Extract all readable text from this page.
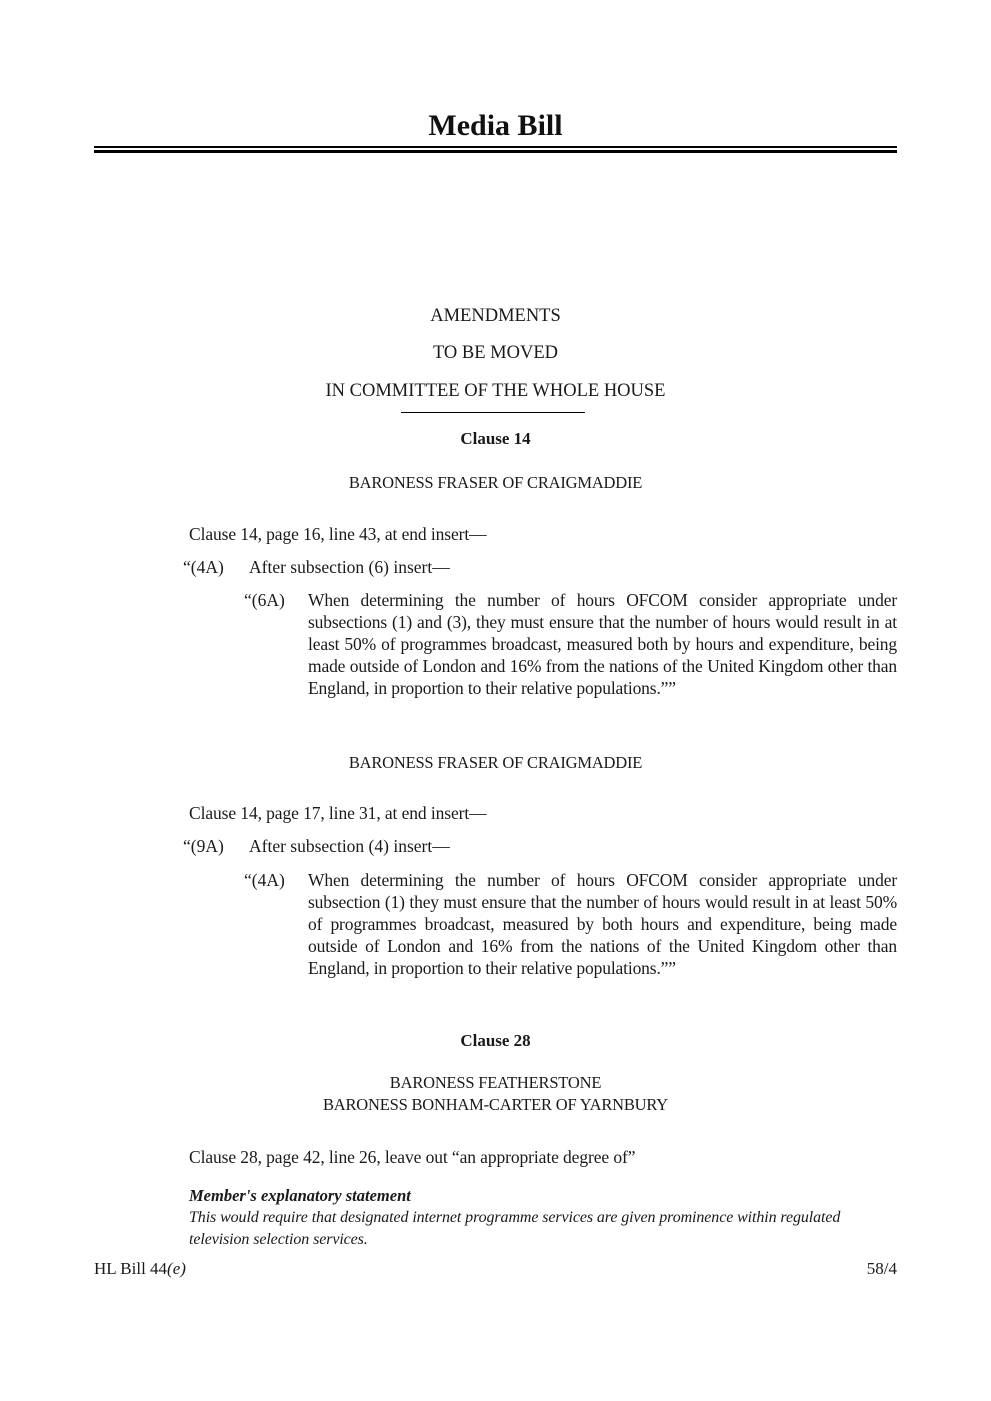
Media Bill
AMENDMENTS
TO BE MOVED
IN COMMITTEE OF THE WHOLE HOUSE
Clause 14
BARONESS FRASER OF CRAIGMADDIE
Clause 14, page 16, line 43, at end insert—
“(4A) After subsection (6) insert—
“(6A) When determining the number of hours OFCOM consider appropriate under subsections (1) and (3), they must ensure that the number of hours would result in at least 50% of programmes broadcast, measured both by hours and expenditure, being made outside of London and 16% from the nations of the United Kingdom other than England, in proportion to their relative populations.””
BARONESS FRASER OF CRAIGMADDIE
Clause 14, page 17, line 31, at end insert—
“(9A) After subsection (4) insert—
“(4A) When determining the number of hours OFCOM consider appropriate under subsection (1) they must ensure that the number of hours would result in at least 50% of programmes broadcast, measured by both hours and expenditure, being made outside of London and 16% from the nations of the United Kingdom other than England, in proportion to their relative populations.””
Clause 28
BARONESS FEATHERSTONE
BARONESS BONHAM-CARTER OF YARNBURY
Clause 28, page 42, line 26, leave out “an appropriate degree of”
Member's explanatory statement
This would require that designated internet programme services are given prominence within regulated television selection services.
HL Bill 44(e)	58/4
